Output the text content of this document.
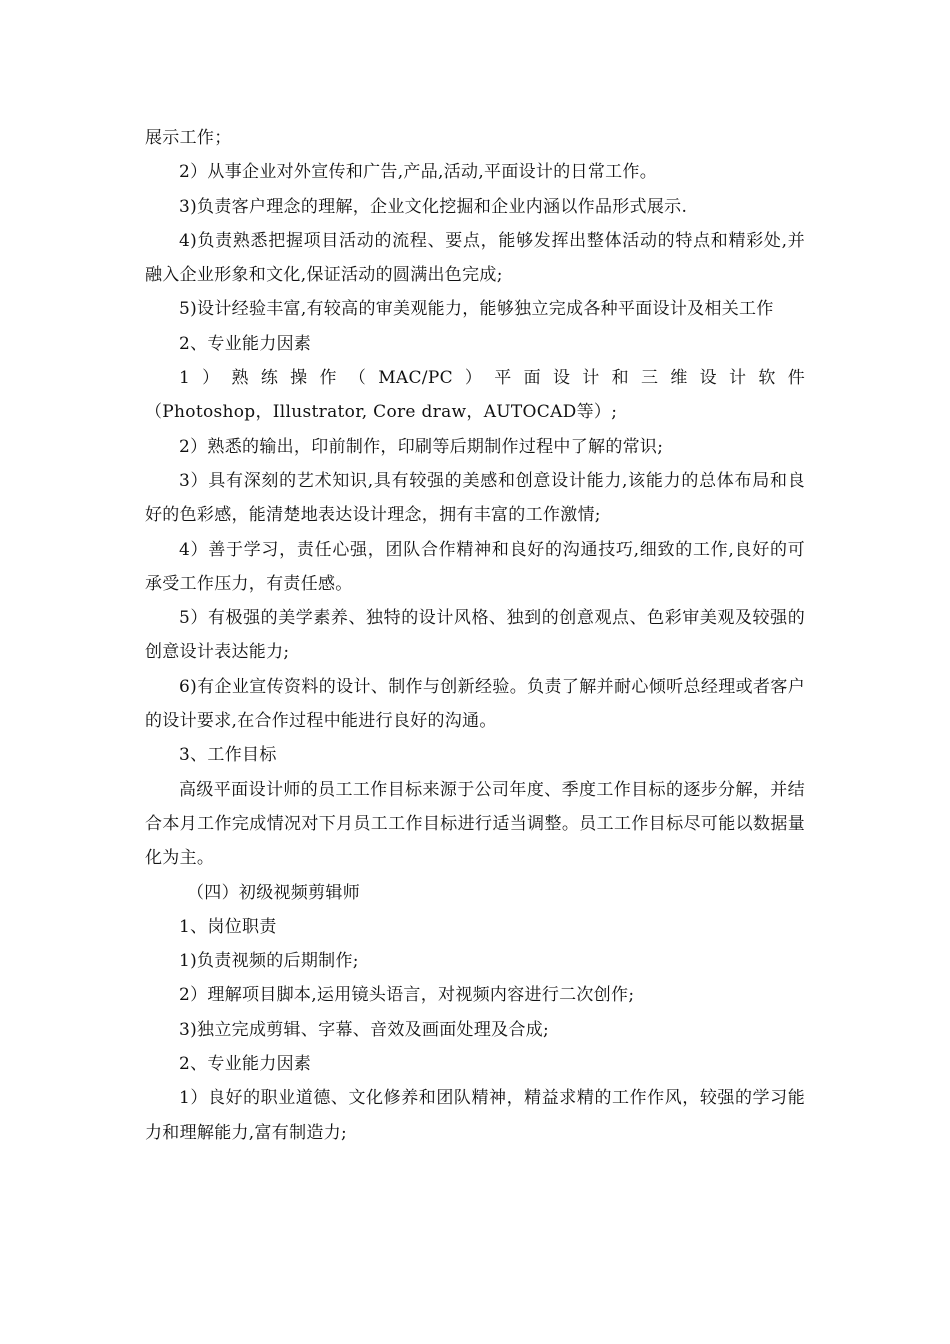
展示工作；

2）从事企业对外宣传和广告,产品,活动,平面设计的日常工作。

3)负责客户理念的理解，企业文化挖掘和企业内涵以作品形式展示.

4)负责熟悉把握项目活动的流程、要点，能够发挥出整体活动的特点和精彩处,并融入企业形象和文化,保证活动的圆满出色完成;

5)设计经验丰富,有较高的审美观能力，能够独立完成各种平面设计及相关工作

2、专业能力因素

1）熟练操作（MAC/PC）平面设计和三维设计软件

（Photoshop，Illustrator, Core draw，AUTOCAD等）;

2）熟悉的输出，印前制作，印刷等后期制作过程中了解的常识;

3）具有深刻的艺术知识,具有较强的美感和创意设计能力,该能力的总体布局和良好的色彩感，能清楚地表达设计理念，拥有丰富的工作激情;

4）善于学习，责任心强，团队合作精神和良好的沟通技巧,细致的工作,良好的可承受工作压力，有责任感。

5）有极强的美学素养、独特的设计风格、独到的创意观点、色彩审美观及较强的创意设计表达能力;

6)有企业宣传资料的设计、制作与创新经验。负责了解并耐心倾听总经理或者客户的设计要求,在合作过程中能进行良好的沟通。

3、工作目标

高级平面设计师的员工工作目标来源于公司年度、季度工作目标的逐步分解，并结合本月工作完成情况对下月员工工作目标进行适当调整。员工工作目标尽可能以数据量化为主。

（四）初级视频剪辑师

1、岗位职责

1)负责视频的后期制作;

2）理解项目脚本,运用镜头语言，对视频内容进行二次创作;

3)独立完成剪辑、字幕、音效及画面处理及合成;

2、专业能力因素

1）良好的职业道德、文化修养和团队精神，精益求精的工作作风，较强的学习能力和理解能力,富有制造力;
